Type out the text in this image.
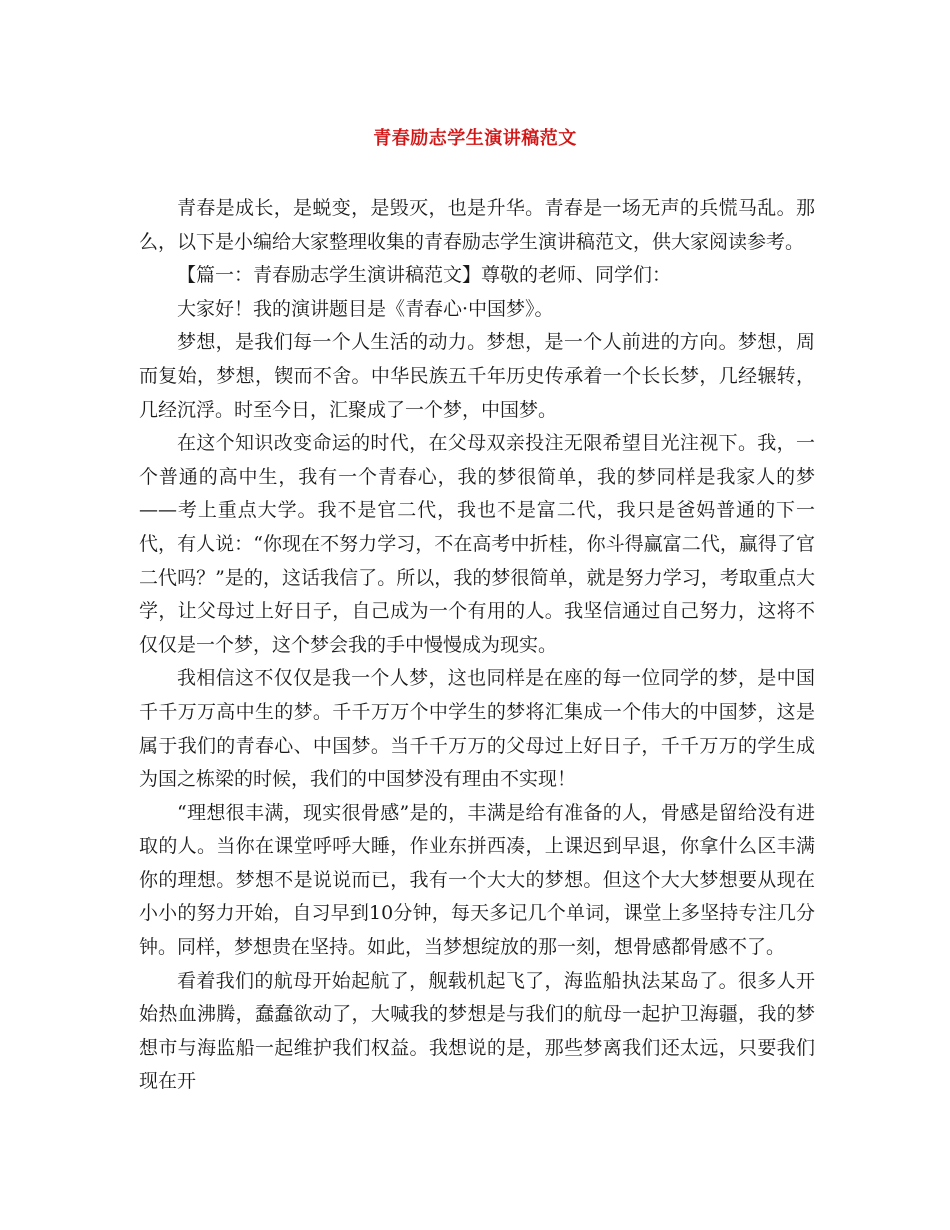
青春励志学生演讲稿范文

青春是成长，是蜕变，是毁灭，也是升华。青春是一场无声的兵慌马乱。那么，以下是小编给大家整理收集的青春励志学生演讲稿范文，供大家阅读参考。

【篇一：青春励志学生演讲稿范文】尊敬的老师、同学们：

大家好！我的演讲题目是《青春心·中国梦》。

梦想，是我们每一个人生活的动力。梦想，是一个人前进的方向。梦想，周而复始，梦想，锲而不舍。中华民族五千年历史传承着一个长长梦，几经辗转，几经沉浮。时至今日，汇聚成了一个梦，中国梦。

在这个知识改变命运的时代，在父母双亲投注无限希望目光注视下。我，一个普通的高中生，我有一个青春心，我的梦很简单，我的梦同样是我家人的梦——考上重点大学。我不是官二代，我也不是富二代，我只是爸妈普通的下一代，有人说：“你现在不努力学习，不在高考中折桂，你斗得赢富二代，赢得了官二代吗？”是的，这话我信了。所以，我的梦很简单，就是努力学习，考取重点大学，让父母过上好日子，自己成为一个有用的人。我坚信通过自己努力，这将不仅仅是一个梦，这个梦会我的手中慢慢成为现实。

我相信这不仅仅是我一个人梦，这也同样是在座的每一位同学的梦，是中国千千万万高中生的梦。千千万万个中学生的梦将汇集成一个伟大的中国梦，这是属于我们的青春心、中国梦。当千千万万的父母过上好日子，千千万万的学生成为国之栋梁的时候，我们的中国梦没有理由不实现！

“理想很丰满，现实很骨感”是的，丰满是给有准备的人，骨感是留给没有进取的人。当你在课堂呼呼大睡，作业东拼西凑，上课迟到早退，你拿什么区丰满你的理想。梦想不是说说而已，我有一个大大的梦想。但这个大大梦想要从现在小小的努力开始，自习早到10分钟，每天多记几个单词，课堂上多坚持专注几分钟。同样，梦想贵在坚持。如此，当梦想绽放的那一刻，想骨感都骨感不了。

看着我们的航母开始起航了，舰载机起飞了，海监船执法某岛了。很多人开始热血沸腾，蠢蠢欲动了，大喊我的梦想是与我们的航母一起护卫海疆，我的梦想市与海监船一起维护我们权益。我想说的是，那些梦离我们还太远，只要我们现在开
